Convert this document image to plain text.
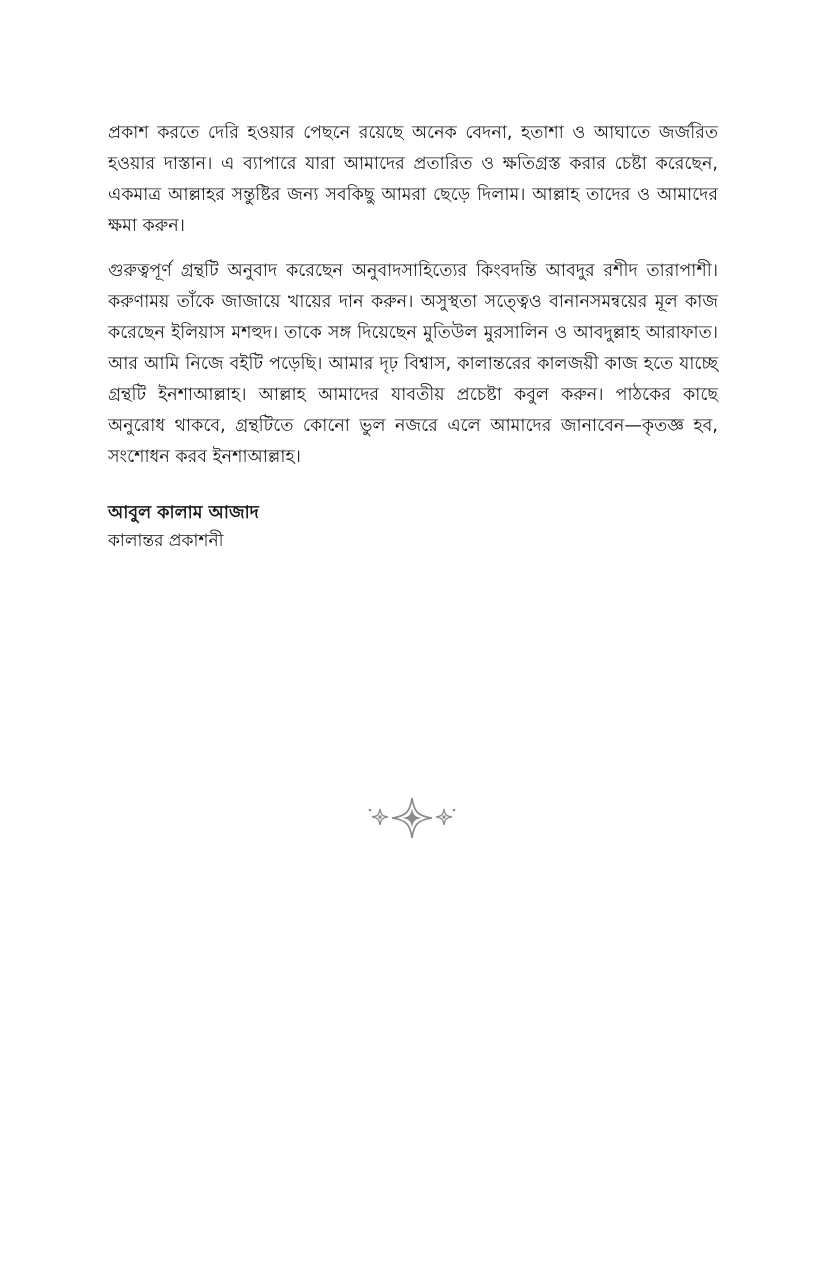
প্রকাশ করতে দেরি হওয়ার পেছনে রয়েছে অনেক বেদনা, হতাশা ও আঘাতে জর্জরিত হওয়ার দাস্তান। এ ব্যাপারে যারা আমাদের প্রতারিত ও ক্ষতিগ্রস্ত করার চেষ্টা করেছেন, একমাত্র আল্লাহর সন্তুষ্টির জন্য সবকিছু আমরা ছেড়ে দিলাম। আল্লাহ তাদের ও আমাদের ক্ষমা করুন।

গুরুত্বপূর্ণ গ্রন্থটি অনুবাদ করেছেন অনুবাদসাহিত্যের কিংবদন্তি আবদুর রশীদ তারাপাশী। করুণাময় তাঁকে জাজায়ে খায়ের দান করুন। অসুস্থতা সত্ত্বেও বানানসমন্বয়ের মূল কাজ করেছেন ইলিয়াস মশহুদ। তাকে সঙ্গ দিয়েছেন মুতিউল মুরসালিন ও আবদুল্লাহ আরাফাত। আর আমি নিজে বইটি পড়েছি। আমার দৃঢ় বিশ্বাস, কালান্তরের কালজয়ী কাজ হতে যাচ্ছে গ্রন্থটি ইনশাআল্লাহ। আল্লাহ আমাদের যাবতীয় প্রচেষ্টা কবুল করুন। পাঠকের কাছে অনুরোধ থাকবে, গ্রন্থটিতে কোনো ভুল নজরে এলে আমাদের জানাবেন—কৃতজ্ঞ হব, সংশোধন করব ইনশাআল্লাহ।

আবুল কালাম আজাদ

কালান্তর প্রকাশনী
